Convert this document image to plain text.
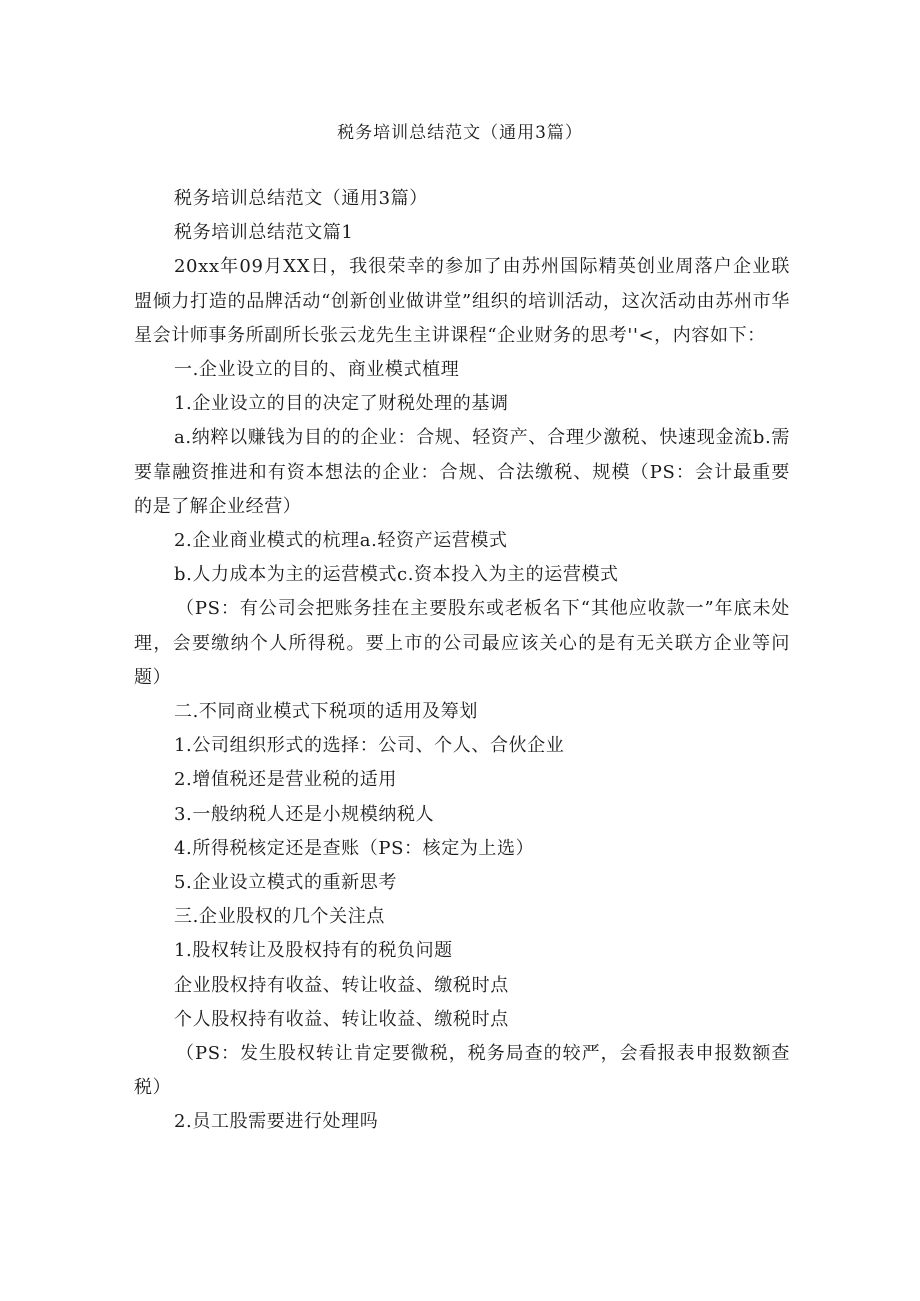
税务培训总结范文（通用3篇）

税务培训总结范文（通用3篇）

税务培训总结范文篇1

20xx年09月XX日，我很荣幸的参加了由苏州国际精英创业周落户企业联盟倾力打造的品牌活动“创新创业做讲堂”组织的培训活动，这次活动由苏州市华星会计师事务所副所长张云龙先生主讲课程“企业财务的思考''<，内容如下：

一.企业设立的目的、商业模式植理

1.企业设立的目的决定了财税处理的基调

a.纳粹以赚钱为目的的企业：合规、轻资产、合理少激税、快速现金流b.需要靠融资推进和有资本想法的企业：合规、合法缴税、规模（PS：会计最重要的是了解企业经营）

2.企业商业模式的杭理a.轻资产运营模式

b.人力成本为主的运营模式c.资本投入为主的运营模式

（PS：有公司会把账务挂在主要股东或老板名下“其他应收款一”年底未处理，会要缴纳个人所得税。要上市的公司最应该关心的是有无关联方企业等问题）

二.不同商业模式下税项的适用及筹划

1.公司组织形式的选择：公司、个人、合伙企业

2.增值税还是营业税的适用

3.一般纳税人还是小规模纳税人

4.所得税核定还是查账（PS：核定为上选）

5.企业设立模式的重新思考

三.企业股权的几个关注点

1.股权转让及股权持有的税负问题

企业股权持有收益、转让收益、缴税时点

个人股权持有收益、转让收益、缴税时点

（PS：发生股权转让肯定要微税，税务局查的较严，会看报表申报数额查税）

2.员工股需要进行处理吗
